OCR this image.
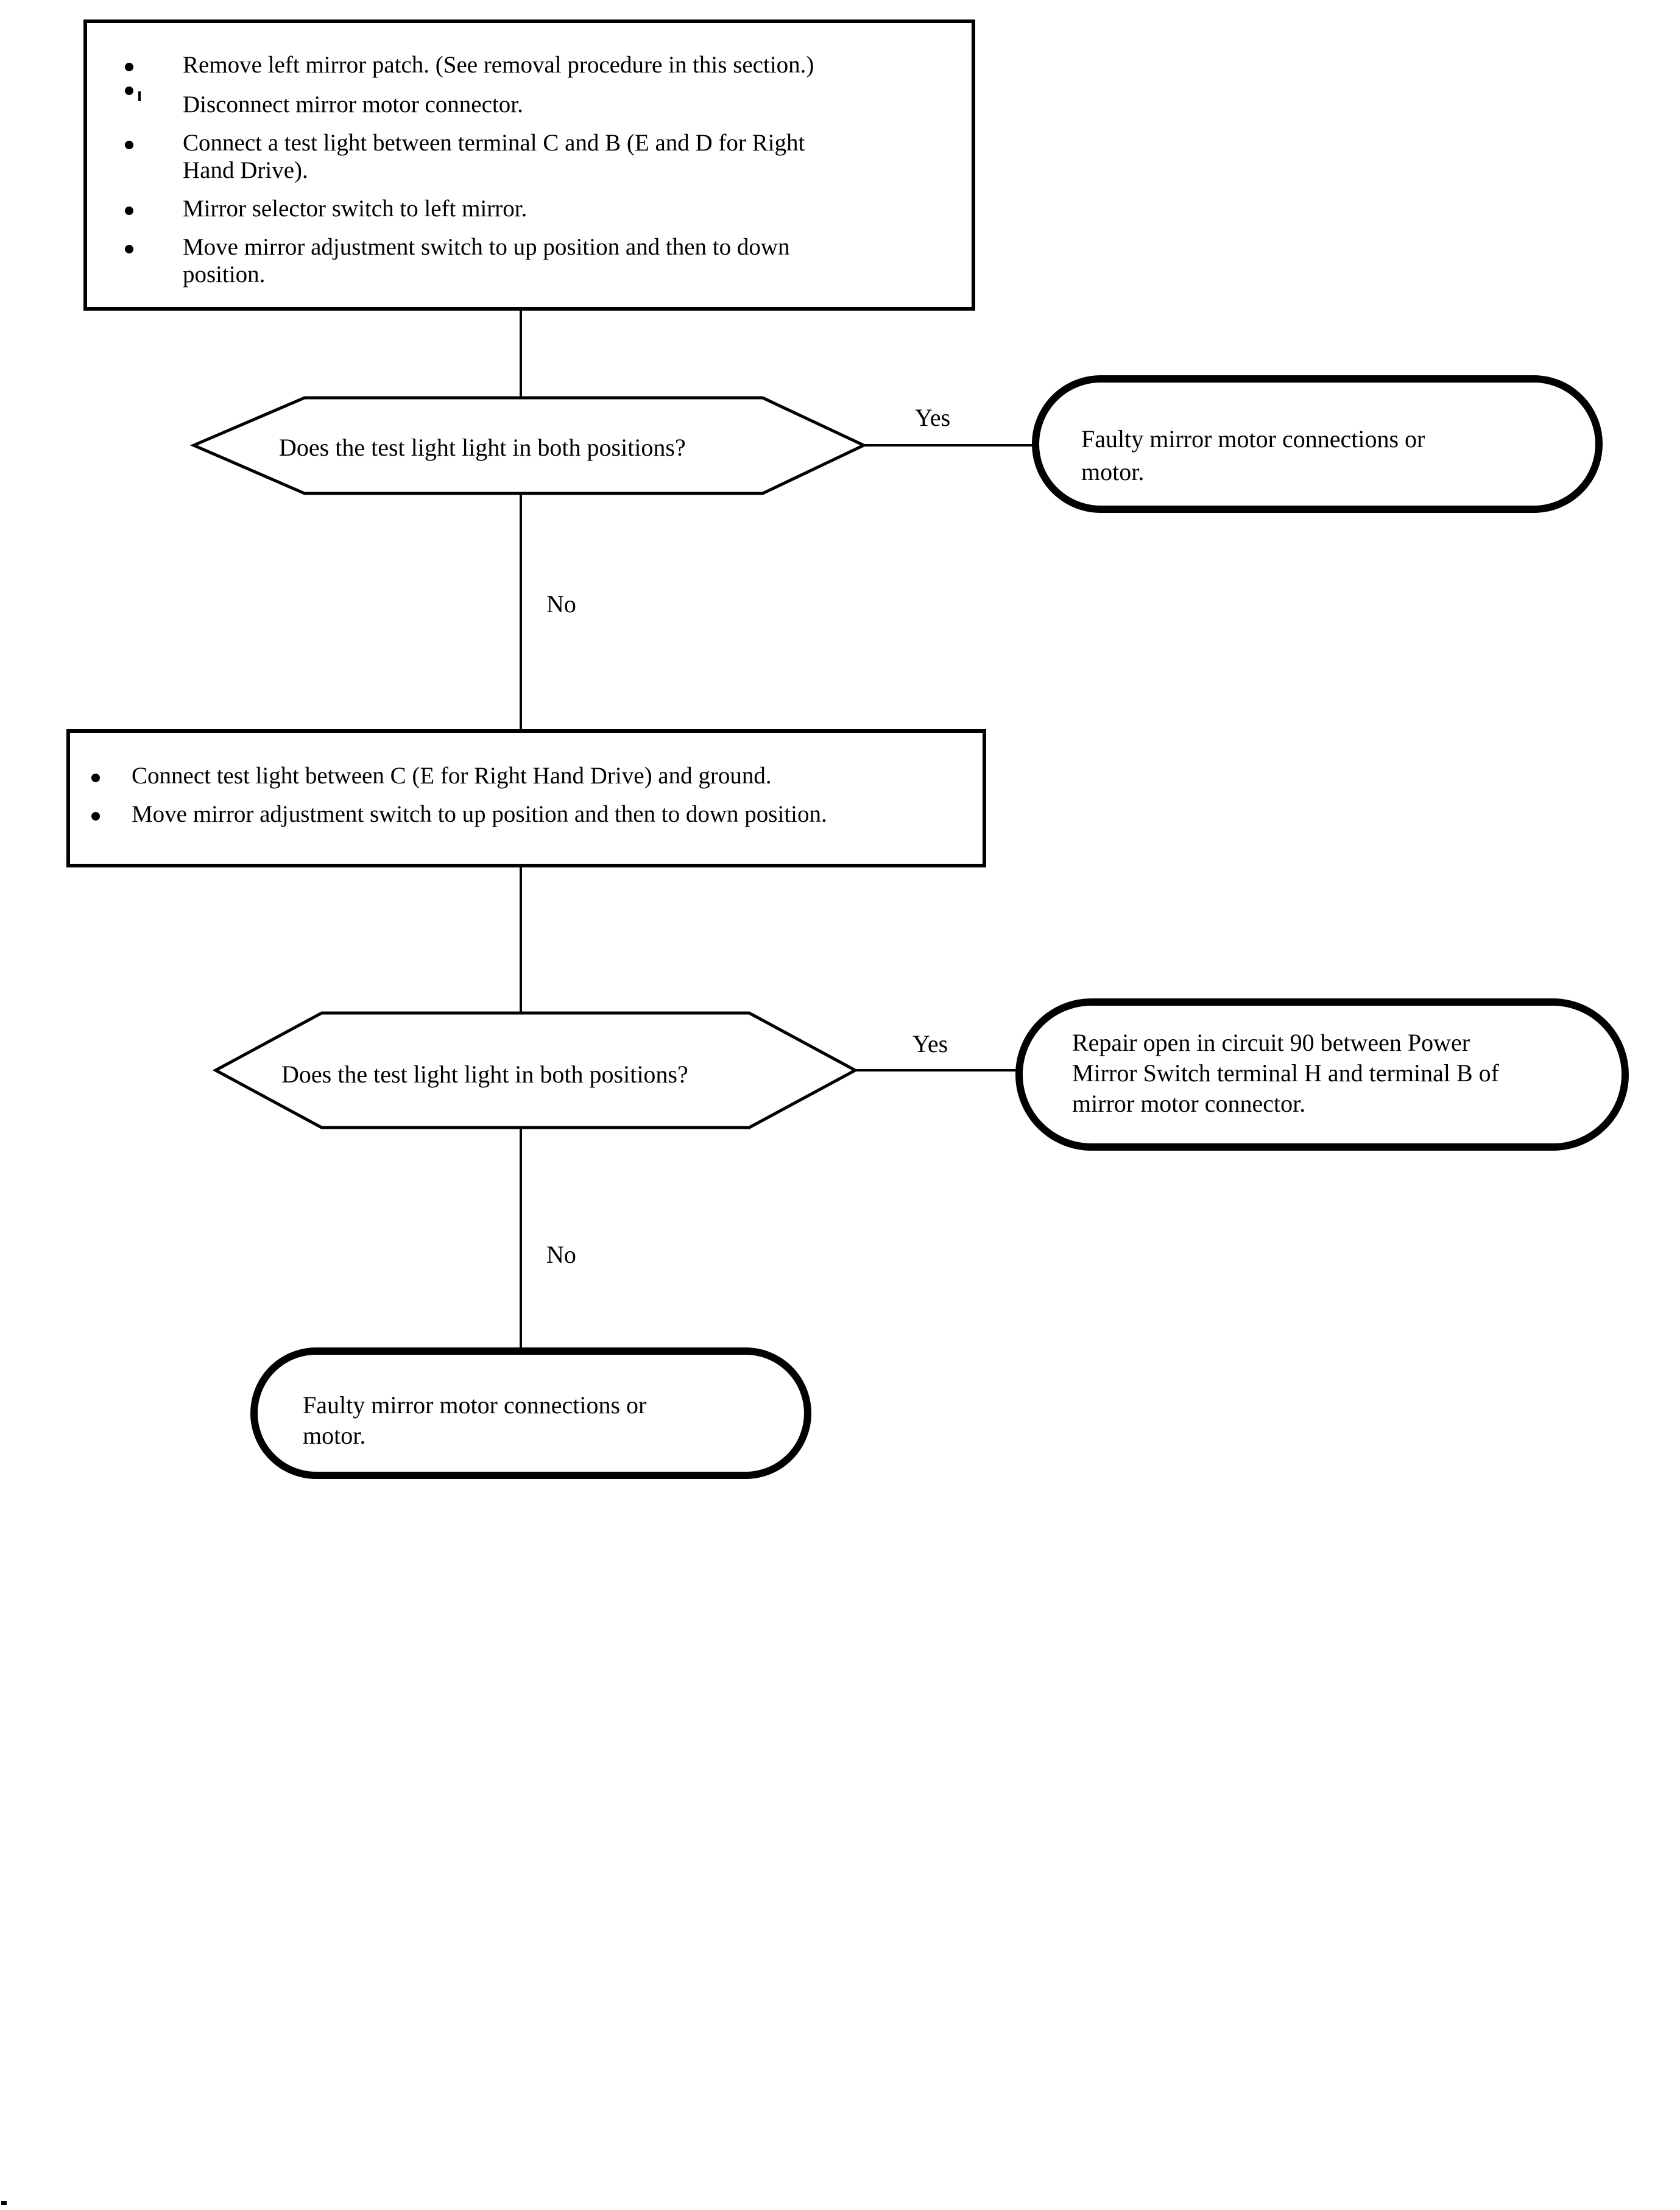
Remove left mirror patch. (See removal procedure in this section.)
Disconnect mirror motor connector.
Connect a test light between terminal C and B (E and D for Right
Hand Drive).
Mirror selector switch to left mirror.
Move mirror adjustment switch to up position and then to down
position.
Does the test light light in both positions?
Yes
No
Faulty mirror motor connections or
motor.
Connect test light between C (E for Right Hand Drive) and ground.
Move mirror adjustment switch to up position and then to down position.
Does the test light light in both positions?
Yes
No
Repair open in circuit 90 between Power
Mirror Switch terminal H and terminal B of
mirror motor connector.
Faulty mirror motor connections or
motor.
